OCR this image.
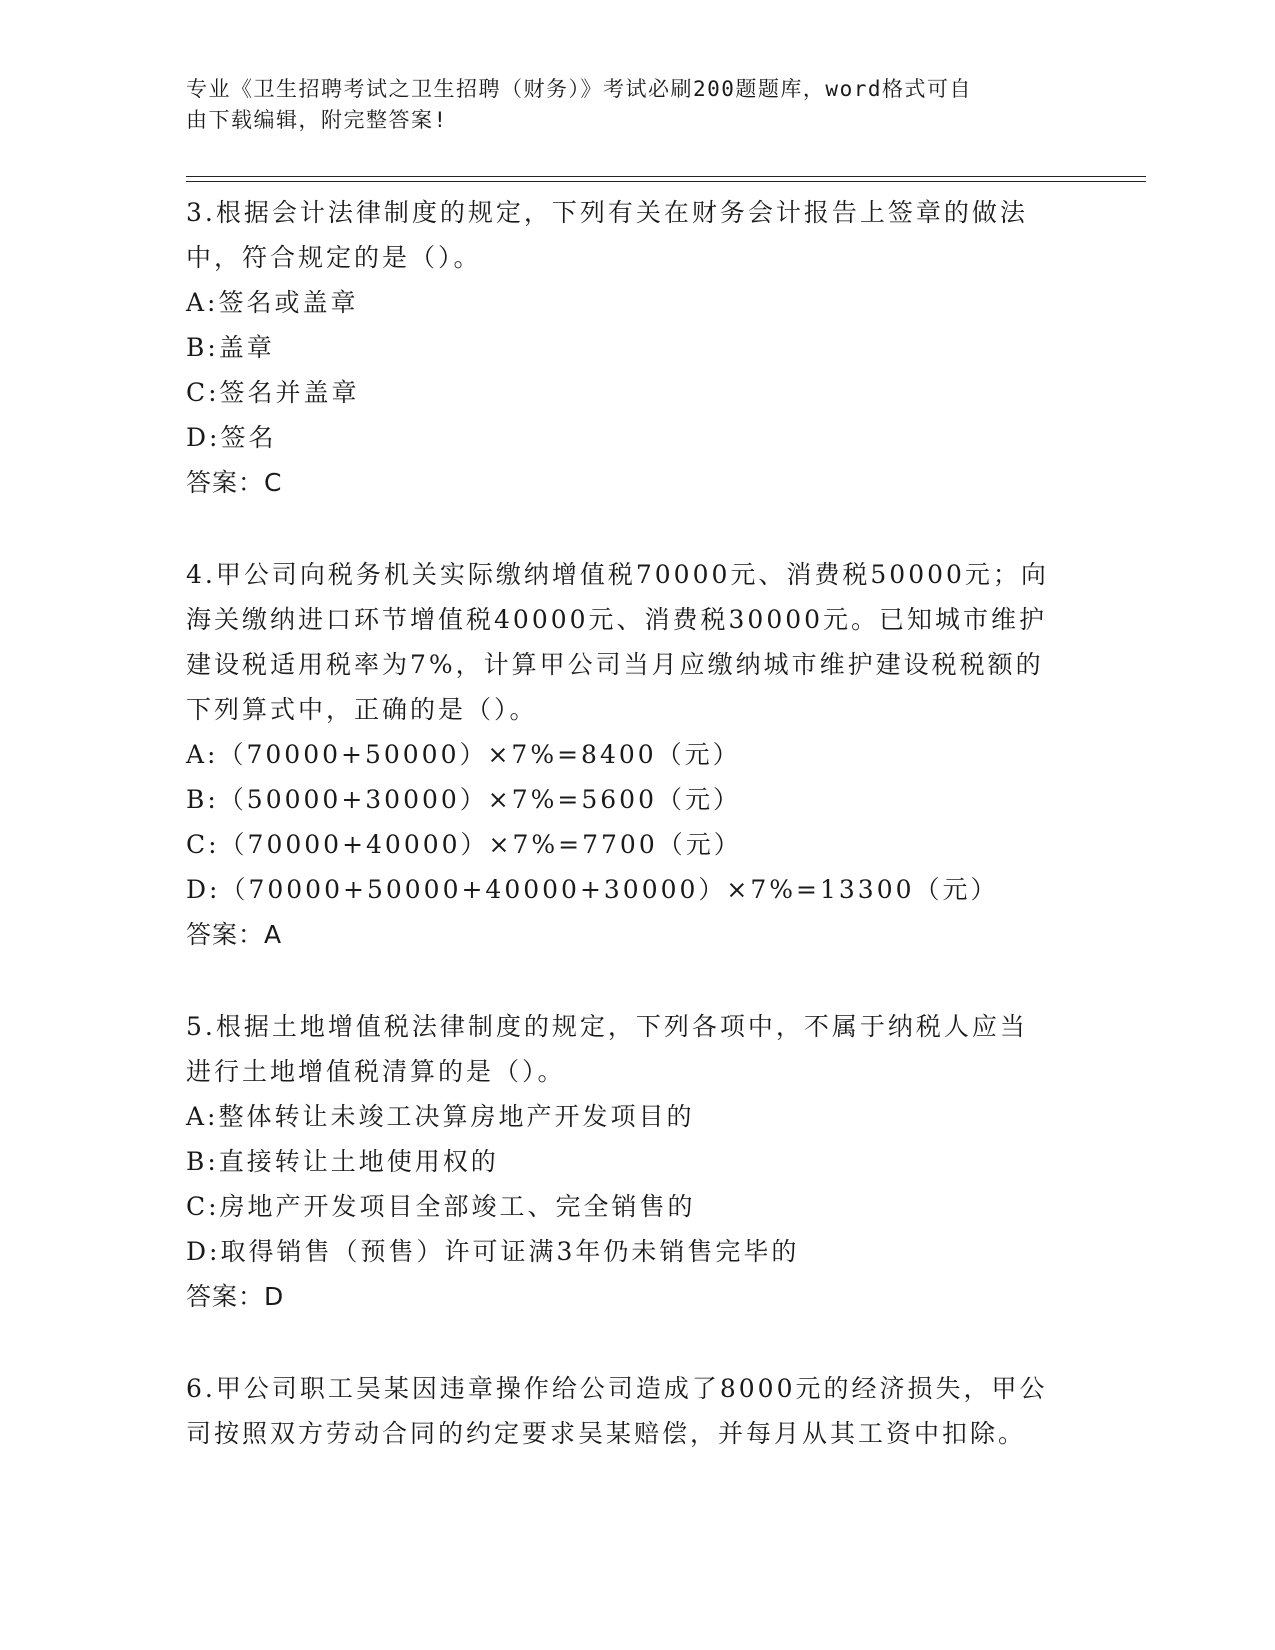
专业《卫生招聘考试之卫生招聘（财务）》考试必刷200题题库，word格式可自
由下载编辑，附完整答案!
3.根据会计法律制度的规定，下列有关在财务会计报告上签章的做法
中，符合规定的是（）。
A:签名或盖章
B:盖章
C:签名并盖章
D:签名
答案：C
4.甲公司向税务机关实际缴纳增值税70000元、消费税50000元；向
海关缴纳进口环节增值税40000元、消费税30000元。已知城市维护
建设税适用税率为7%，计算甲公司当月应缴纳城市维护建设税税额的
下列算式中，正确的是（）。
A:（70000+50000）×7%=8400（元）
B:（50000+30000）×7%=5600（元）
C:（70000+40000）×7%=7700（元）
D:（70000+50000+40000+30000）×7%=13300（元）
答案：A
5.根据土地增值税法律制度的规定，下列各项中，不属于纳税人应当
进行土地增值税清算的是（）。
A:整体转让未竣工决算房地产开发项目的
B:直接转让土地使用权的
C:房地产开发项目全部竣工、完全销售的
D:取得销售（预售）许可证满3年仍未销售完毕的
答案：D
6.甲公司职工吴某因违章操作给公司造成了8000元的经济损失，甲公
司按照双方劳动合同的约定要求吴某赔偿，并每月从其工资中扣除。
